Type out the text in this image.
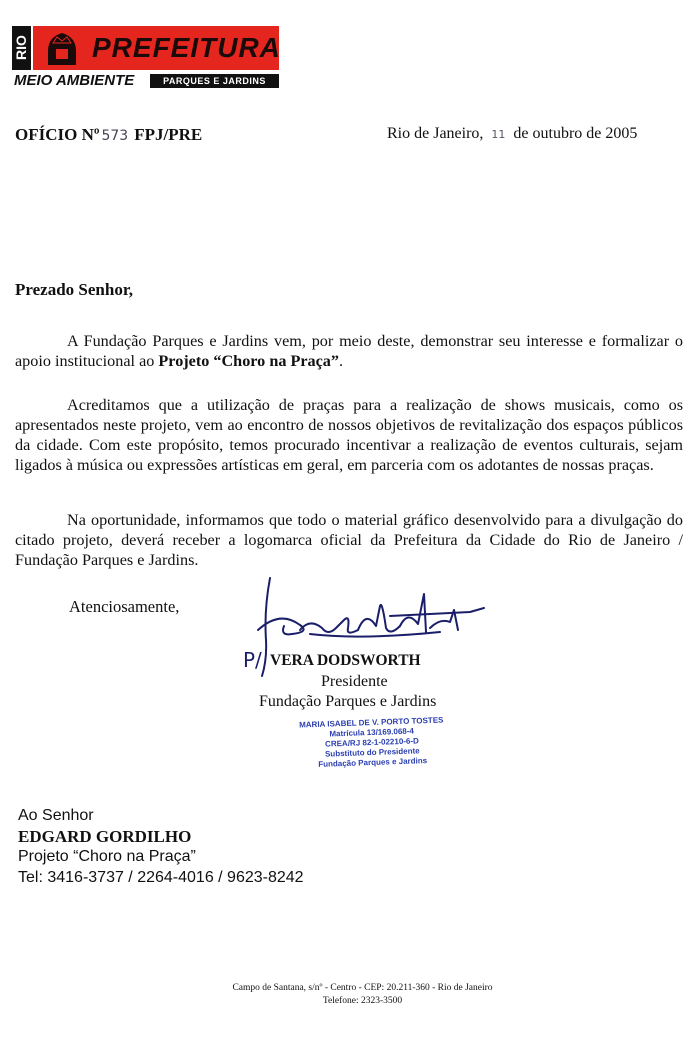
RIO PREFEITURA
MEIO AMBIENTE	PARQUES E JARDINS
OFÍCIO Nº 573 FPJ/PRE	Rio de Janeiro, 11 de outubro de 2005
Prezado Senhor,
A Fundação Parques e Jardins vem, por meio deste, demonstrar seu interesse e formalizar o apoio institucional ao Projeto “Choro na Praça”.
Acreditamos que a utilização de praças para a realização de shows musicais, como os apresentados neste projeto, vem ao encontro de nossos objetivos de revitalização dos espaços públicos da cidade. Com este propósito, temos procurado incentivar a realização de eventos culturais, sejam ligados à música ou expressões artísticas em geral, em parceria com os adotantes de nossas praças.
Na oportunidade, informamos que todo o material gráfico desenvolvido para a divulgação do citado projeto, deverá receber a logomarca oficial da Prefeitura da Cidade do Rio de Janeiro / Fundação Parques e Jardins.
Atenciosamente,
P/ VERA DODSWORTH
Presidente
Fundação Parques e Jardins
MARIA ISABEL DE V. PORTO TOSTES
Matrícula 13/169.068-4
CREA/RJ 82-1-02210-6-D
Substituto do Presidente
Fundação Parques e Jardins
Ao Senhor
EDGARD GORDILHO
Projeto “Choro na Praça”
Tel: 3416-3737 / 2264-4016 / 9623-8242
Campo de Santana, s/nº - Centro - CEP: 20.211-360 - Rio de Janeiro
Telefone: 2323-3500
